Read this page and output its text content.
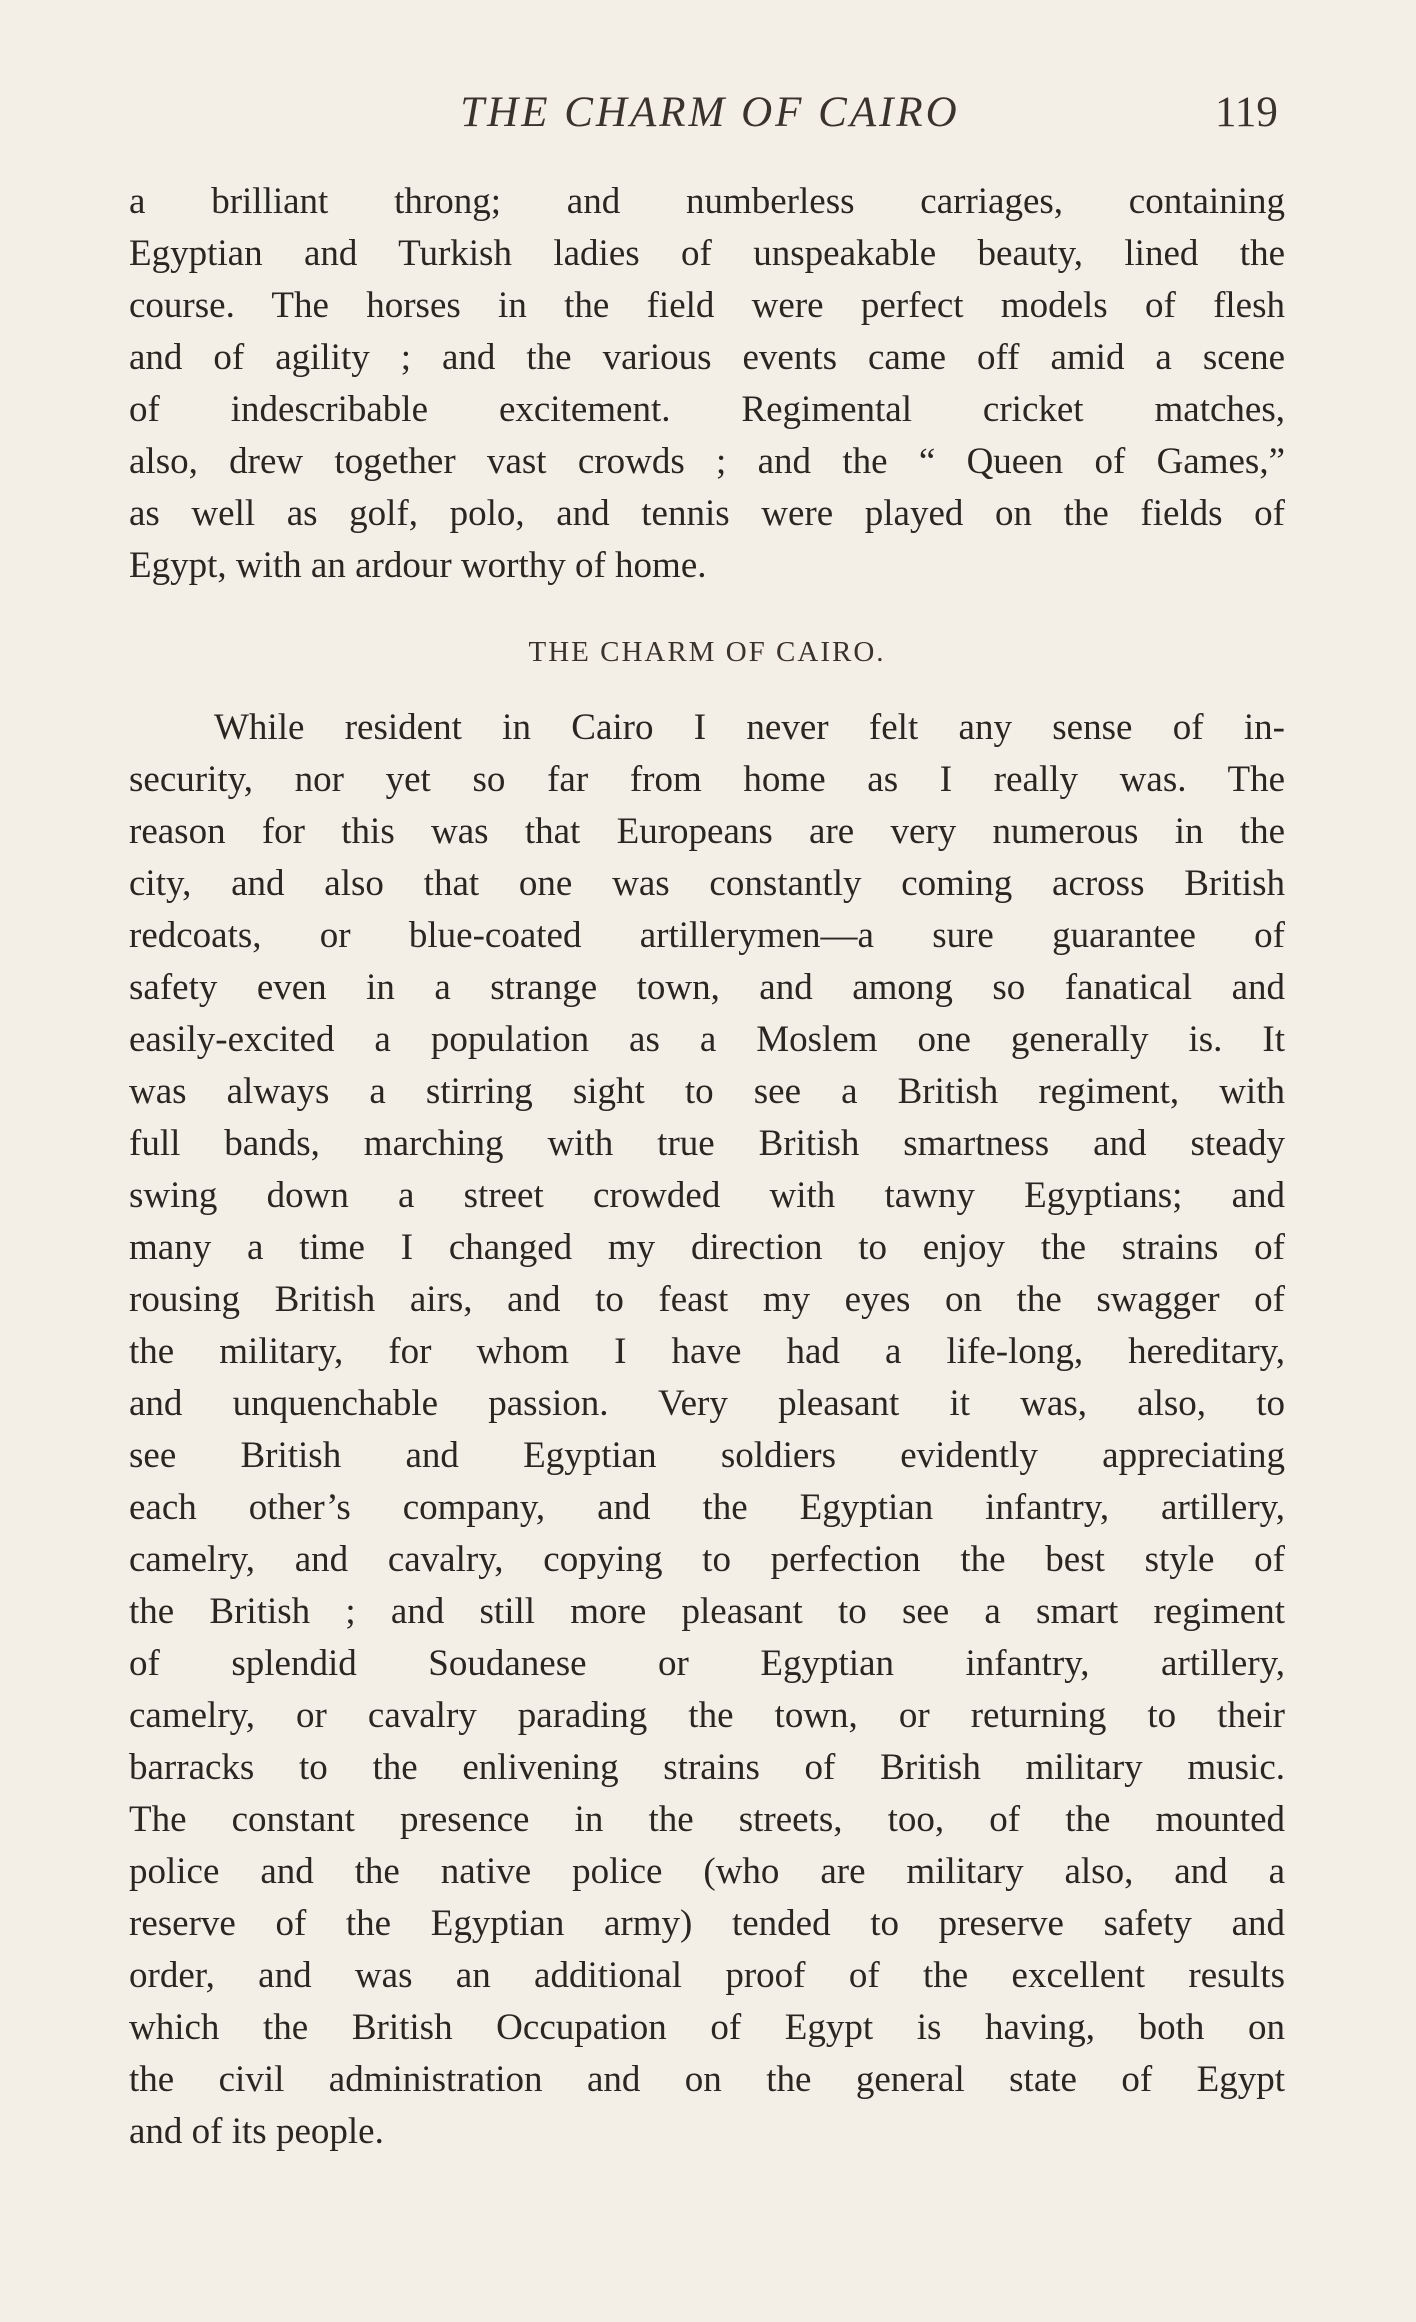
THE CHARM OF CAIRO	119
a brilliant throng; and numberless carriages, containing
Egyptian and Turkish ladies of unspeakable beauty, lined the
course. The horses in the field were perfect models of flesh
and of agility ; and the various events came off amid a scene
of indescribable excitement. Regimental cricket matches,
also, drew together vast crowds ; and the “ Queen of Games,”
as well as golf, polo, and tennis were played on the fields of
Egypt, with an ardour worthy of home.
THE CHARM OF CAIRO.
While resident in Cairo I never felt any sense of in-
security, nor yet so far from home as I really was. The
reason for this was that Europeans are very numerous in the
city, and also that one was constantly coming across British
redcoats, or blue-coated artillerymen—a sure guarantee of
safety even in a strange town, and among so fanatical and
easily-excited a population as a Moslem one generally is. It
was always a stirring sight to see a British regiment, with
full bands, marching with true British smartness and steady
swing down a street crowded with tawny Egyptians; and
many a time I changed my direction to enjoy the strains of
rousing British airs, and to feast my eyes on the swagger of
the military, for whom I have had a life-long, hereditary,
and unquenchable passion. Very pleasant it was, also, to
see British and Egyptian soldiers evidently appreciating
each other’s company, and the Egyptian infantry, artillery,
camelry, and cavalry, copying to perfection the best style of
the British ; and still more pleasant to see a smart regiment
of splendid Soudanese or Egyptian infantry, artillery,
camelry, or cavalry parading the town, or returning to their
barracks to the enlivening strains of British military music.
The constant presence in the streets, too, of the mounted
police and the native police (who are military also, and a
reserve of the Egyptian army) tended to preserve safety and
order, and was an additional proof of the excellent results
which the British Occupation of Egypt is having, both on
the civil administration and on the general state of Egypt
and of its people.
